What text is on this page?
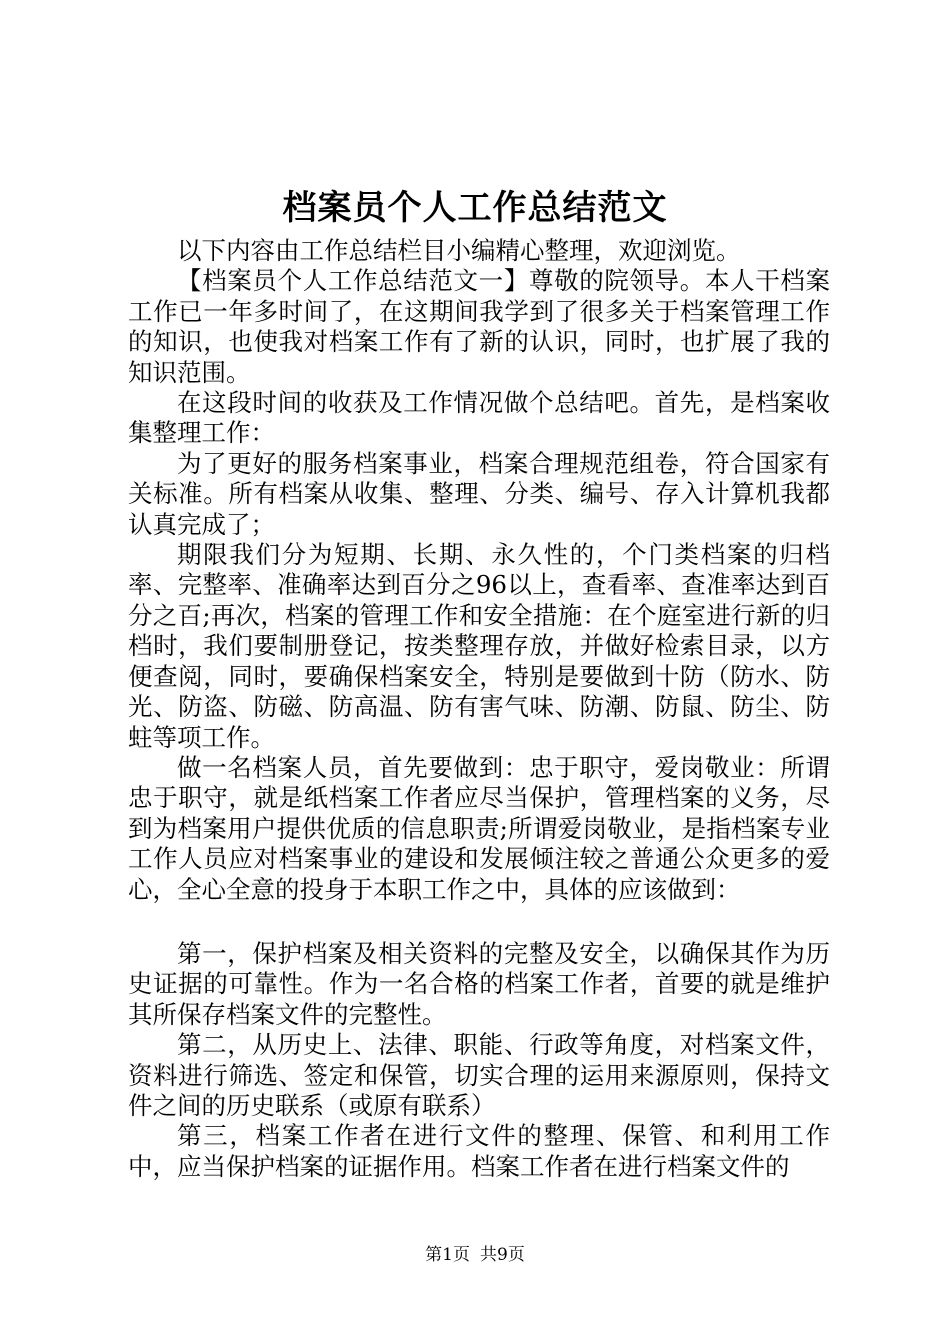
档案员个人工作总结范文

以下内容由工作总结栏目小编精心整理，欢迎浏览。

【档案员个人工作总结范文一】尊敬的院领导。本人干档案工作已一年多时间了，在这期间我学到了很多关于档案管理工作的知识，也使我对档案工作有了新的认识，同时，也扩展了我的知识范围。

在这段时间的收获及工作情况做个总结吧。首先，是档案收集整理工作：

为了更好的服务档案事业，档案合理规范组卷，符合国家有关标准。所有档案从收集、整理、分类、编号、存入计算机我都认真完成了；

期限我们分为短期、长期、永久性的，个门类档案的归档率、完整率、准确率达到百分之96以上，查看率、查准率达到百分之百;再次，档案的管理工作和安全措施：在个庭室进行新的归档时，我们要制册登记，按类整理存放，并做好检索目录，以方便查阅，同时，要确保档案安全，特别是要做到十防（防水、防光、防盗、防磁、防高温、防有害气味、防潮、防鼠、防尘、防蛀等项工作。

做一名档案人员，首先要做到：忠于职守，爱岗敬业：所谓忠于职守，就是纸档案工作者应尽当保护，管理档案的义务，尽到为档案用户提供优质的信息职责;所谓爱岗敬业，是指档案专业工作人员应对档案事业的建设和发展倾注较之普通公众更多的爱心，全心全意的投身于本职工作之中，具体的应该做到：

第一，保护档案及相关资料的完整及安全，以确保其作为历史证据的可靠性。作为一名合格的档案工作者，首要的就是维护其所保存档案文件的完整性。

第二，从历史上、法律、职能、行政等角度，对档案文件，资料进行筛选、签定和保管，切实合理的运用来源原则，保持文件之间的历史联系（或原有联系）

第三，档案工作者在进行文件的整理、保管、和利用工作中，应当保护档案的证据作用。档案工作者在进行档案文件的

第1页 共9页
